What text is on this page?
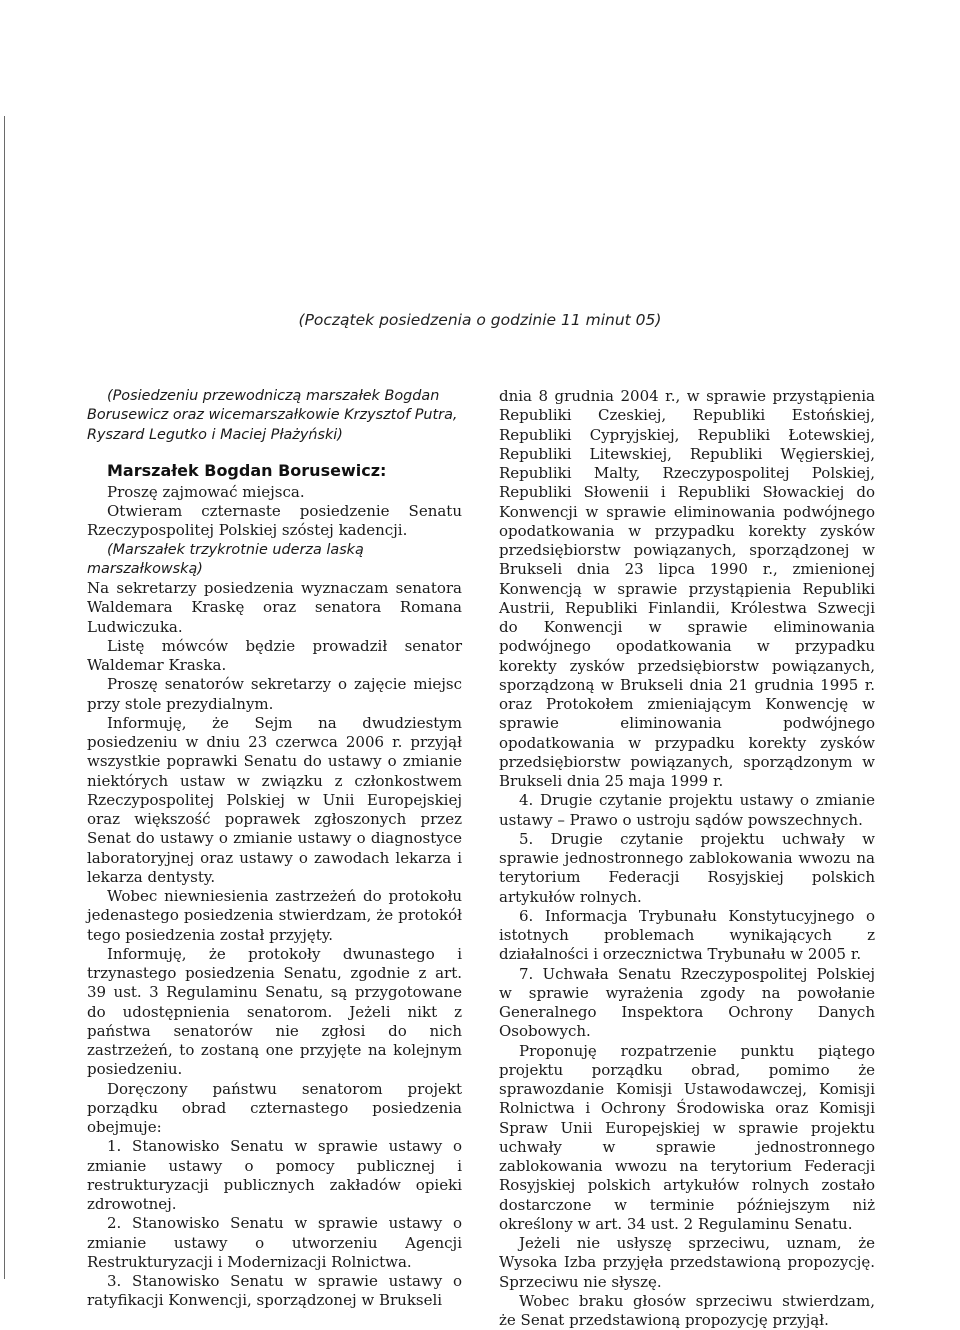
(Początek posiedzenia o godzinie 11 minut 05)

(Posiedzeniu przewodniczą marszałek Bogdan Borusewicz oraz wicemarszałkowie Krzysztof Putra, Ryszard Legutko i Maciej Płażyński)

Marszałek Bogdan Borusewicz:

Proszę zajmować miejsca.

Otwieram czternaste posiedzenie Senatu Rzeczypospolitej Polskiej szóstej kadencji.

(Marszałek trzykrotnie uderza laską marszałkowską)

Na sekretarzy posiedzenia wyznaczam senatora Waldemara Kraskę oraz senatora Romana Ludwiczuka.

Listę mówców będzie prowadził senator Waldemar Kraska.

Proszę senatorów sekretarzy o zajęcie miejsc przy stole prezydialnym.

Informuję, że Sejm na dwudziestym posiedzeniu w dniu 23 czerwca 2006 r. przyjął wszystkie poprawki Senatu do ustawy o zmianie niektórych ustaw w związku z członkostwem Rzeczypospolitej Polskiej w Unii Europejskiej oraz większość poprawek zgłoszonych przez Senat do ustawy o zmianie ustawy o diagnostyce laboratoryjnej oraz ustawy o zawodach lekarza i lekarza dentysty.

Wobec niewniesienia zastrzeżeń do protokołu jedenastego posiedzenia stwierdzam, że protokół tego posiedzenia został przyjęty.

Informuję, że protokoły dwunastego i trzynastego posiedzenia Senatu, zgodnie z art. 39 ust. 3 Regulaminu Senatu, są przygotowane do udostępnienia senatorom. Jeżeli nikt z państwa senatorów nie zgłosi do nich zastrzeżeń, to zostaną one przyjęte na kolejnym posiedzeniu.

Doręczony państwu senatorom projekt porządku obrad czternastego posiedzenia obejmuje:

1. Stanowisko Senatu w sprawie ustawy o zmianie ustawy o pomocy publicznej i restrukturyzacji publicznych zakładów opieki zdrowotnej.

2. Stanowisko Senatu w sprawie ustawy o zmianie ustawy o utworzeniu Agencji Restrukturyzacji i Modernizacji Rolnictwa.

3. Stanowisko Senatu w sprawie ustawy o ratyfikacji Konwencji, sporządzonej w Brukseli

dnia 8 grudnia 2004 r., w sprawie przystąpienia Republiki Czeskiej, Republiki Estońskiej, Republiki Cypryjskiej, Republiki Łotewskiej, Republiki Litewskiej, Republiki Węgierskiej, Republiki Malty, Rzeczypospolitej Polskiej, Republiki Słowenii i Republiki Słowackiej do Konwencji w sprawie eliminowania podwójnego opodatkowania w przypadku korekty zysków przedsiębiorstw powiązanych, sporządzonej w Brukseli dnia 23 lipca 1990 r., zmienionej Konwencją w sprawie przystąpienia Republiki Austrii, Republiki Finlandii, Królestwa Szwecji do Konwencji w sprawie eliminowania podwójnego opodatkowania w przypadku korekty zysków przedsiębiorstw powiązanych, sporządzoną w Brukseli dnia 21 grudnia 1995 r. oraz Protokołem zmieniającym Konwencję w sprawie eliminowania podwójnego opodatkowania w przypadku korekty zysków przedsiębiorstw powiązanych, sporządzonym w Brukseli dnia 25 maja 1999 r.

4. Drugie czytanie projektu ustawy o zmianie ustawy – Prawo o ustroju sądów powszechnych.

5. Drugie czytanie projektu uchwały w sprawie jednostronnego zablokowania wwozu na terytorium Federacji Rosyjskiej polskich artykułów rolnych.

6. Informacja Trybunału Konstytucyjnego o istotnych problemach wynikających z działalności i orzecznictwa Trybunału w 2005 r.

7. Uchwała Senatu Rzeczypospolitej Polskiej w sprawie wyrażenia zgody na powołanie Generalnego Inspektora Ochrony Danych Osobowych.

Proponuję rozpatrzenie punktu piątego projektu porządku obrad, pomimo że sprawozdanie Komisji Ustawodawczej, Komisji Rolnictwa i Ochrony Środowiska oraz Komisji Spraw Unii Europejskiej w sprawie projektu uchwały w sprawie jednostronnego zablokowania wwozu na terytorium Federacji Rosyjskiej polskich artykułów rolnych zostało dostarczone w terminie późniejszym niż określony w art. 34 ust. 2 Regulaminu Senatu.

Jeżeli nie usłyszę sprzeciwu, uznam, że Wysoka Izba przyjęła przedstawioną propozycję. Sprzeciwu nie słyszę.

Wobec braku głosów sprzeciwu stwierdzam, że Senat przedstawioną propozycję przyjął.
